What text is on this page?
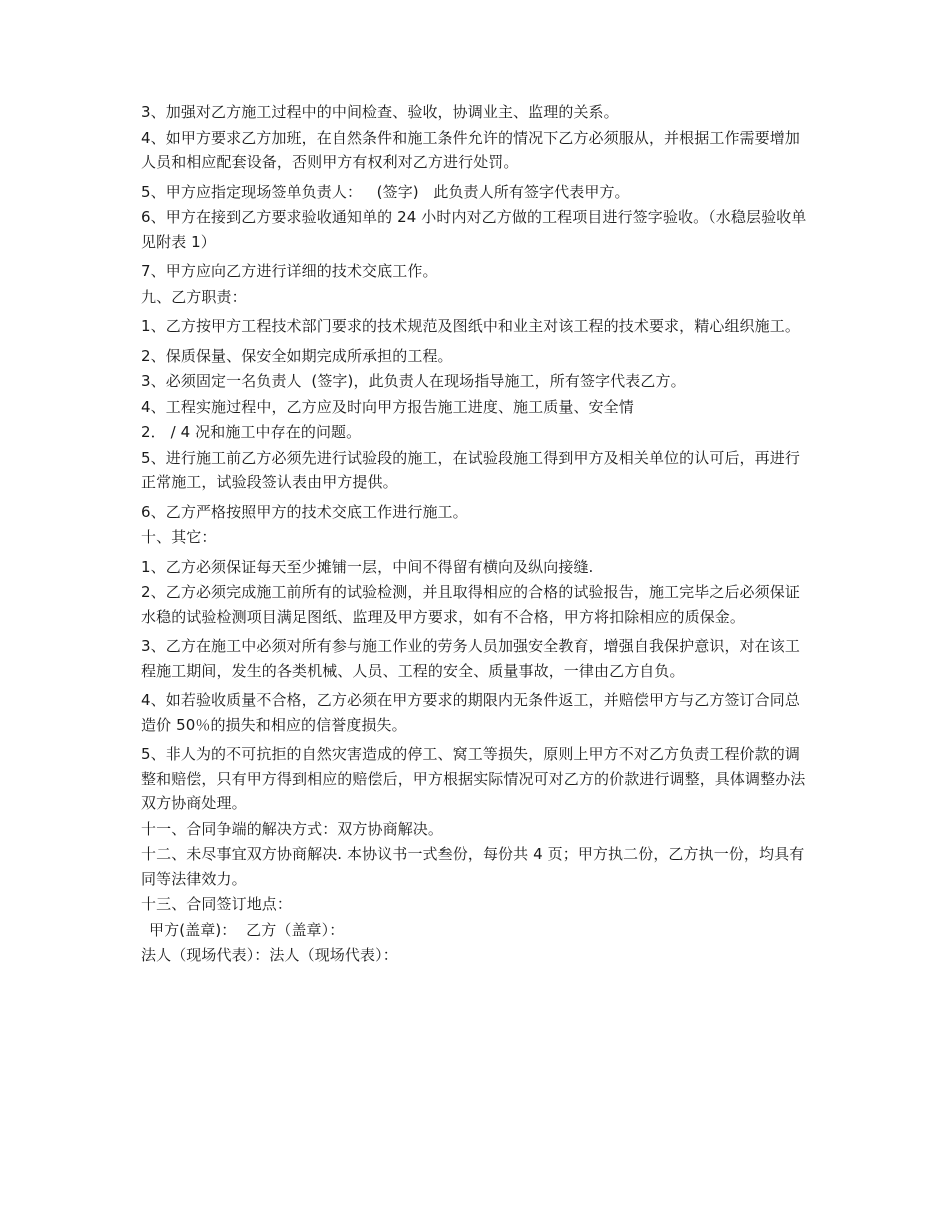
3、加强对乙方施工过程中的中间检查、验收，协调业主、监理的关系。

4、如甲方要求乙方加班，在自然条件和施工条件允许的情况下乙方必须服从，并根据工作需要增加人员和相应配套设备，否则甲方有权利对乙方进行处罚。

5、甲方应指定现场签单负责人：   (签字)   此负责人所有签字代表甲方。

6、甲方在接到乙方要求验收通知单的 24 小时内对乙方做的工程项目进行签字验收。（水稳层验收单见附表 1）

7、甲方应向乙方进行详细的技术交底工作。

九、乙方职责：

1、乙方按甲方工程技术部门要求的技术规范及图纸中和业主对该工程的技术要求，精心组织施工。

2、保质保量、保安全如期完成所承担的工程。

3、必须固定一名负责人  (签字)，此负责人在现场指导施工，所有签字代表乙方。

4、工程实施过程中，乙方应及时向甲方报告施工进度、施工质量、安全情

2． / 4 况和施工中存在的问题。

5、进行施工前乙方必须先进行试验段的施工，在试验段施工得到甲方及相关单位的认可后，再进行正常施工，试验段签认表由甲方提供。

6、乙方严格按照甲方的技术交底工作进行施工。

十、其它：

1、乙方必须保证每天至少摊铺一层，中间不得留有横向及纵向接缝.

2、乙方必须完成施工前所有的试验检测，并且取得相应的合格的试验报告，施工完毕之后必须保证水稳的试验检测项目满足图纸、监理及甲方要求，如有不合格，甲方将扣除相应的质保金。

3、乙方在施工中必须对所有参与施工作业的劳务人员加强安全教育，增强自我保护意识，对在该工程施工期间，发生的各类机械、人员、工程的安全、质量事故，一律由乙方自负。

4、如若验收质量不合格，乙方必须在甲方要求的期限内无条件返工，并赔偿甲方与乙方签订合同总造价 50％的损失和相应的信誉度损失。

5、非人为的不可抗拒的自然灾害造成的停工、窝工等损失，原则上甲方不对乙方负责工程价款的调整和赔偿，只有甲方得到相应的赔偿后，甲方根据实际情况可对乙方的价款进行调整，具体调整办法双方协商处理。

十一、合同争端的解决方式：双方协商解决。

十二、未尽事宜双方协商解决. 本协议书一式叁份，每份共 4 页；甲方执二份，乙方执一份，均具有同等法律效力。

十三、合同签订地点：

甲方(盖章)：  乙方（盖章）：

法人（现场代表）：法人（现场代表）：
